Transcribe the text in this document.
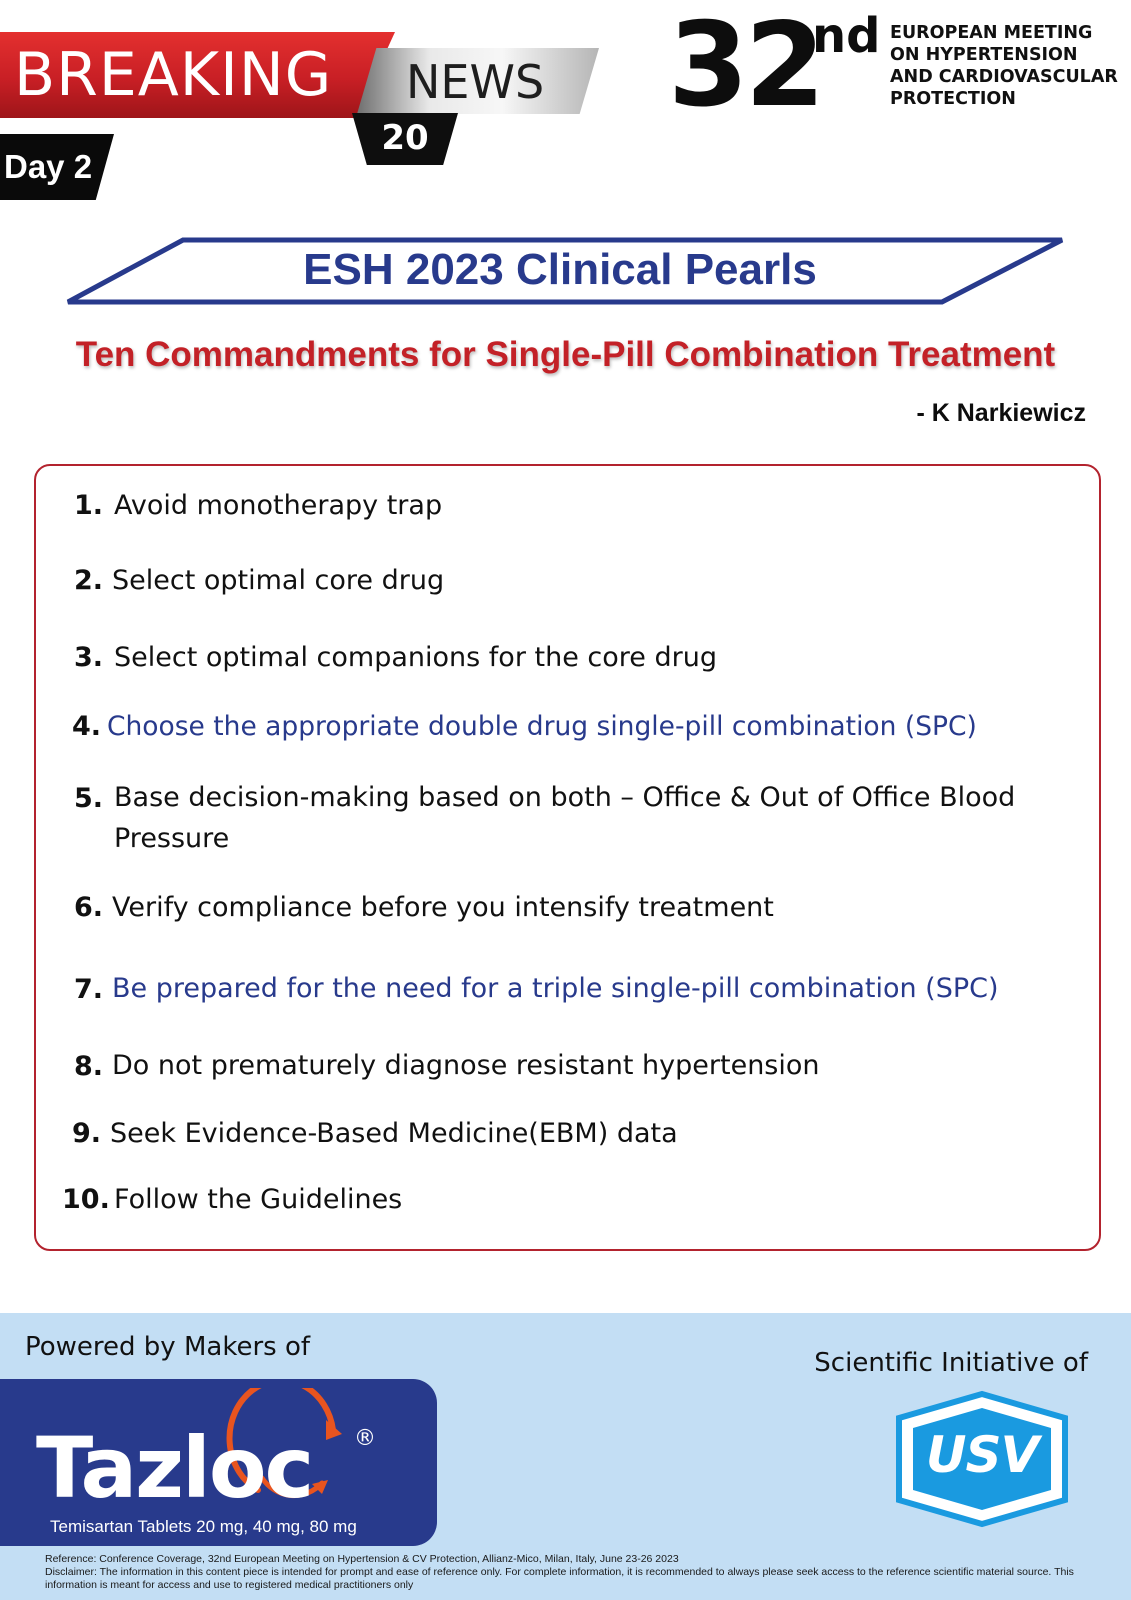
BREAKING NEWS
20
Day 2
32
nd EUROPEAN MEETING
ON HYPERTENSION
AND CARDIOVASCULAR
PROTECTION
ESH 2023 Clinical Pearls
Ten Commandments for Single-Pill Combination Treatment
- K Narkiewicz
1. Avoid monotherapy trap
2. Select optimal core drug
3. Select optimal companions for the core drug
4. Choose the appropriate double drug single-pill combination (SPC)
5. Base decision-making based on both – Office & Out of Office Blood
Pressure
6. Verify compliance before you intensify treatment
7. Be prepared for the need for a triple single-pill combination (SPC)
8. Do not prematurely diagnose resistant hypertension
9. Seek Evidence-Based Medicine(EBM) data
10. Follow the Guidelines
Powered by Makers of
Scientific Initiative of
Tazloc ®
Temisartan Tablets 20 mg, 40 mg, 80 mg
USV
Reference: Conference Coverage, 32nd European Meeting on Hypertension & CV Protection, Allianz-Mico, Milan, Italy, June 23-26 2023
Disclaimer: The information in this content piece is intended for prompt and ease of reference only. For complete information, it is recommended to always please seek access to the reference scientific material source. This information is meant for access and use to registered medical practitioners only
